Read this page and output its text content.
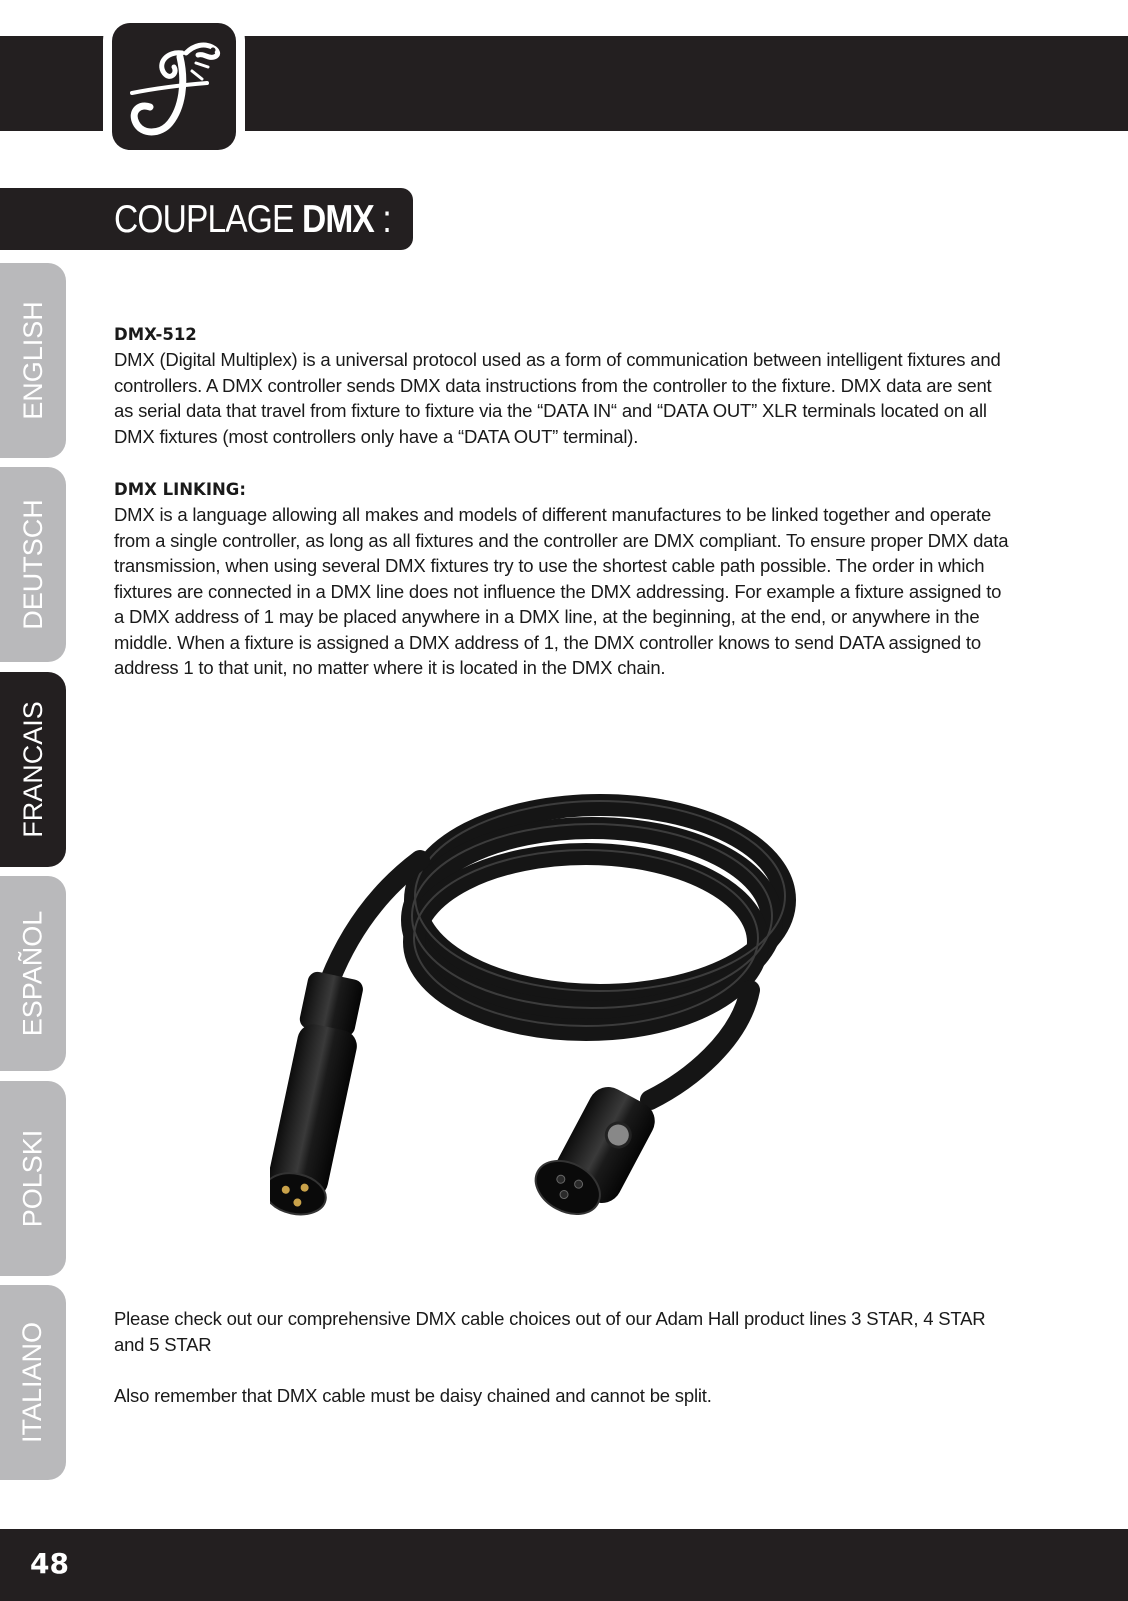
COUPLAGE DMX :
ENGLISH
DEUTSCH
FRANCAIS
ESPAÑOL
POLSKI
ITALIANO

DMX-512

DMX (Digital Multiplex) is a universal protocol used as a form of communication between intelligent fixtures and controllers. A DMX controller sends DMX data instructions from the controller to the fixture. DMX data are sent as serial data that travel from fixture to fixture via the “DATA IN“ and “DATA OUT” XLR terminals located on all DMX fixtures (most controllers only have a “DATA OUT” terminal).

DMX LINKING:

DMX is a language allowing all makes and models of different manufactures to be linked together and operate from a single controller, as long as all fixtures and the controller are DMX compliant. To ensure proper DMX data transmission, when using several DMX fixtures try to use the shortest cable path possible. The order in which fixtures are connected in a DMX line does not influence the DMX addressing. For example a fixture assigned to a DMX address of 1 may be placed anywhere in a DMX line, at the beginning, at the end, or anywhere in the middle. When a fixture is assigned a DMX address of 1, the DMX controller knows to send DATA assigned to address 1 to that unit, no matter where it is located in the DMX chain.

Please check out our comprehensive DMX cable choices out of our Adam Hall product lines 3 STAR, 4 STAR and 5 STAR

Also remember that DMX cable must be daisy chained and cannot be split.

48
